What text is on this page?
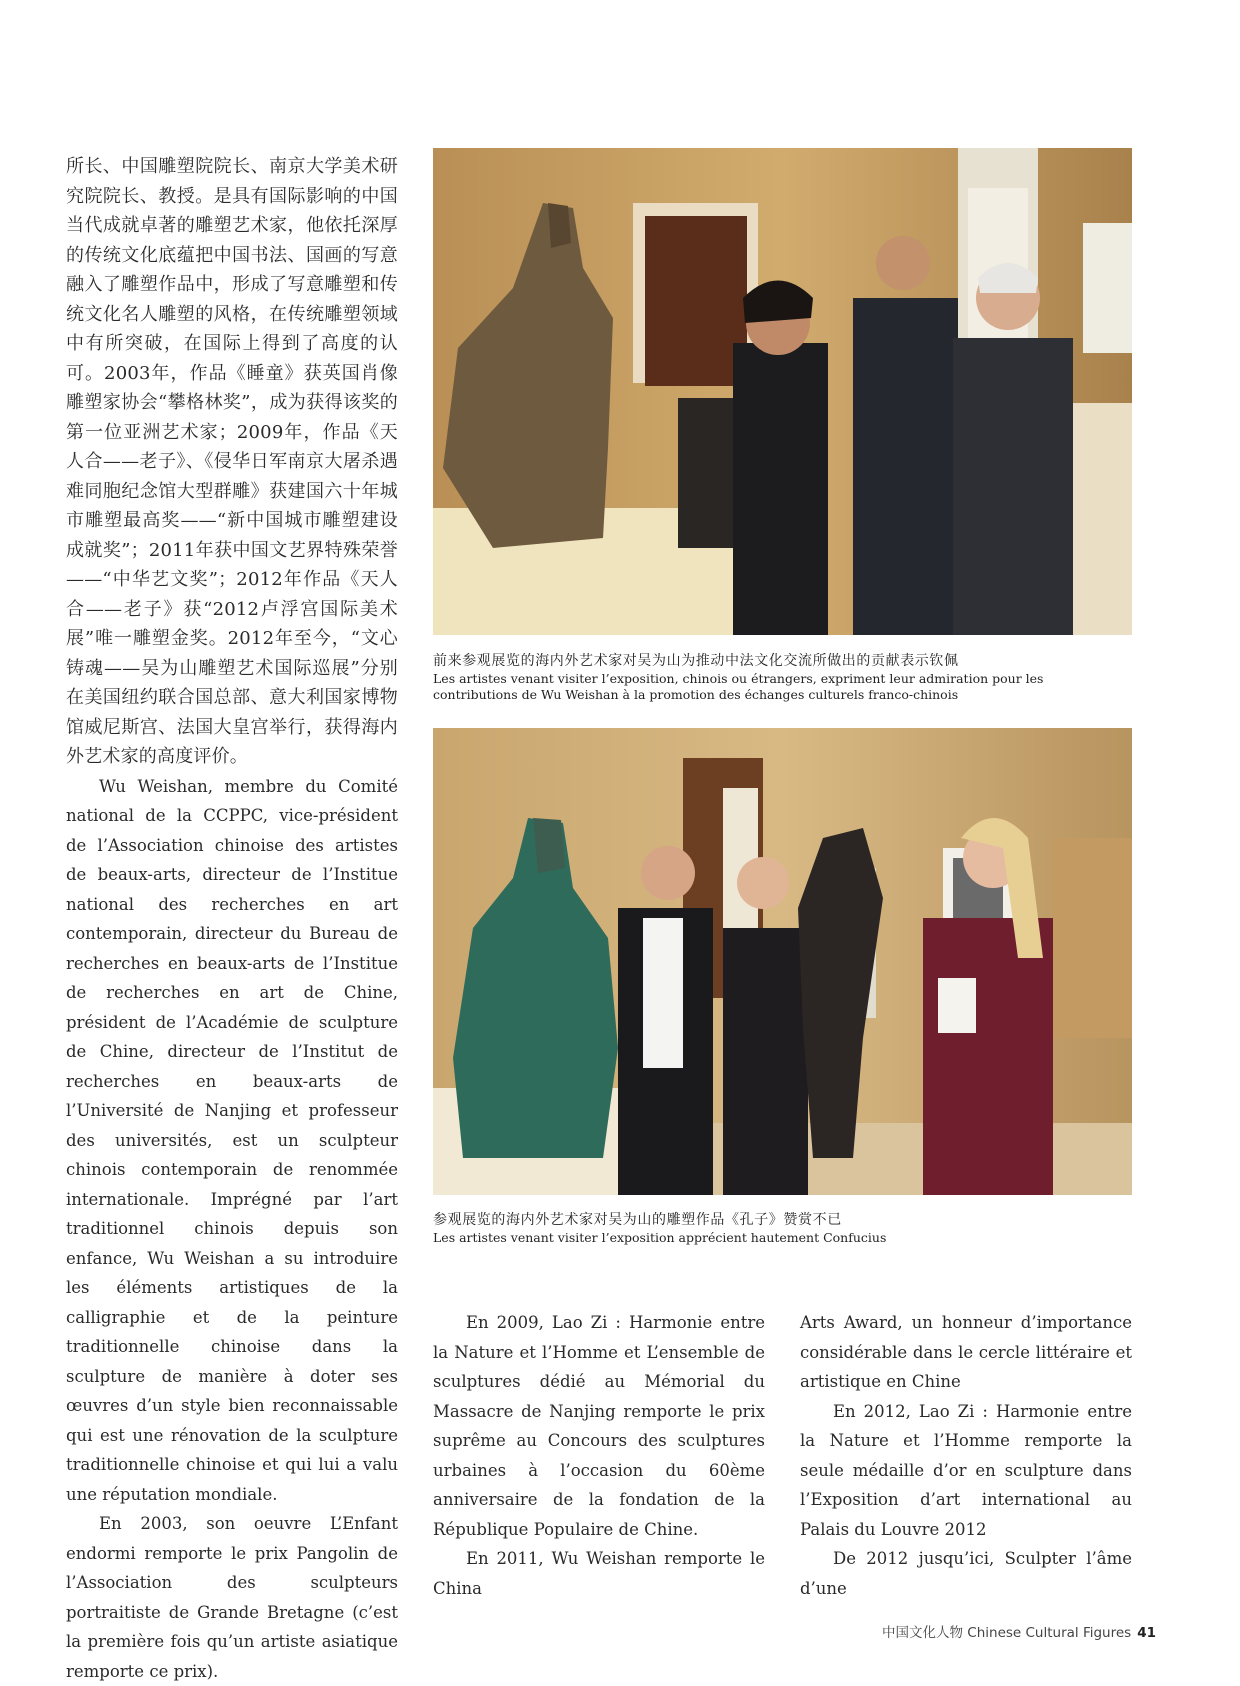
所长、中国雕塑院院长、南京大学美术研究院院长、教授。是具有国际影响的中国当代成就卓著的雕塑艺术家，他依托深厚的传统文化底蕴把中国书法、国画的写意融入了雕塑作品中，形成了写意雕塑和传统文化名人雕塑的风格，在传统雕塑领域中有所突破，在国际上得到了高度的认可。2003年，作品《睡童》获英国肖像雕塑家协会“攀格林奖”，成为获得该奖的第一位亚洲艺术家；2009年，作品《天人合——老子》、《侵华日军南京大屠杀遇难同胞纪念馆大型群雕》获建国六十年城市雕塑最高奖——“新中国城市雕塑建设成就奖”；2011年获中国文艺界特殊荣誉——“中华艺文奖”；2012年作品《天人合——老子》获“2012卢浮宫国际美术展”唯一雕塑金奖。2012年至今，“文心铸魂——吴为山雕塑艺术国际巡展”分别在美国纽约联合国总部、意大利国家博物馆威尼斯宫、法国大皇宫举行，获得海内外艺术家的高度评价。

Wu Weishan, membre du Comité national de la CCPPC, vice-président de l’Association chinoise des artistes de beaux-arts, directeur de l’Institue national des recherches en art contemporain, directeur du Bureau de recherches en beaux-arts de l’Institue de recherches en art de Chine, président de l’Académie de sculpture de Chine, directeur de l’Institut de recherches en beaux-arts de l’Université de Nanjing et professeur des universités, est un sculpteur chinois contemporain de renommée internationale. Imprégné par l’art traditionnel chinois depuis son enfance, Wu Weishan a su introduire les éléments artistiques de la calligraphie et de la peinture traditionnelle chinoise dans la sculpture de manière à doter ses œuvres d’un style bien reconnaissable qui est une rénovation de la sculpture traditionnelle chinoise et qui lui a valu une réputation mondiale.

En 2003, son oeuvre L’Enfant endormi remporte le prix Pangolin de l’Association des sculpteurs portraitiste de Grande Bretagne (c’est la première fois qu’un artiste asiatique remporte ce prix).

前来参观展览的海内外艺术家对吴为山为推动中法文化交流所做出的贡献表示钦佩
Les artistes venant visiter l’exposition, chinois ou étrangers, expriment leur admiration pour les contributions de Wu Weishan à la promotion des échanges culturels franco-chinois
参观展览的海内外艺术家对吴为山的雕塑作品《孔子》赞赏不已
Les artistes venant visiter l’exposition apprécient hautement Confucius

En 2009, Lao Zi : Harmonie entre la Nature et l’Homme et L’ensemble de sculptures dédié au Mémorial du Massacre de Nanjing remporte le prix suprême au Concours des sculptures urbaines à l’occasion du 60ème anniversaire de la fondation de la République Populaire de Chine.

En 2011, Wu Weishan remporte le China

Arts Award, un honneur d’importance considérable dans le cercle littéraire et artistique en Chine

En 2012, Lao Zi : Harmonie entre la Nature et l’Homme remporte la seule médaille d’or en sculpture dans l’Exposition d’art international au Palais du Louvre 2012

De 2012 jusqu’ici, Sculpter l’âme d’une

中国文化人物 Chinese Cultural Figures 41
